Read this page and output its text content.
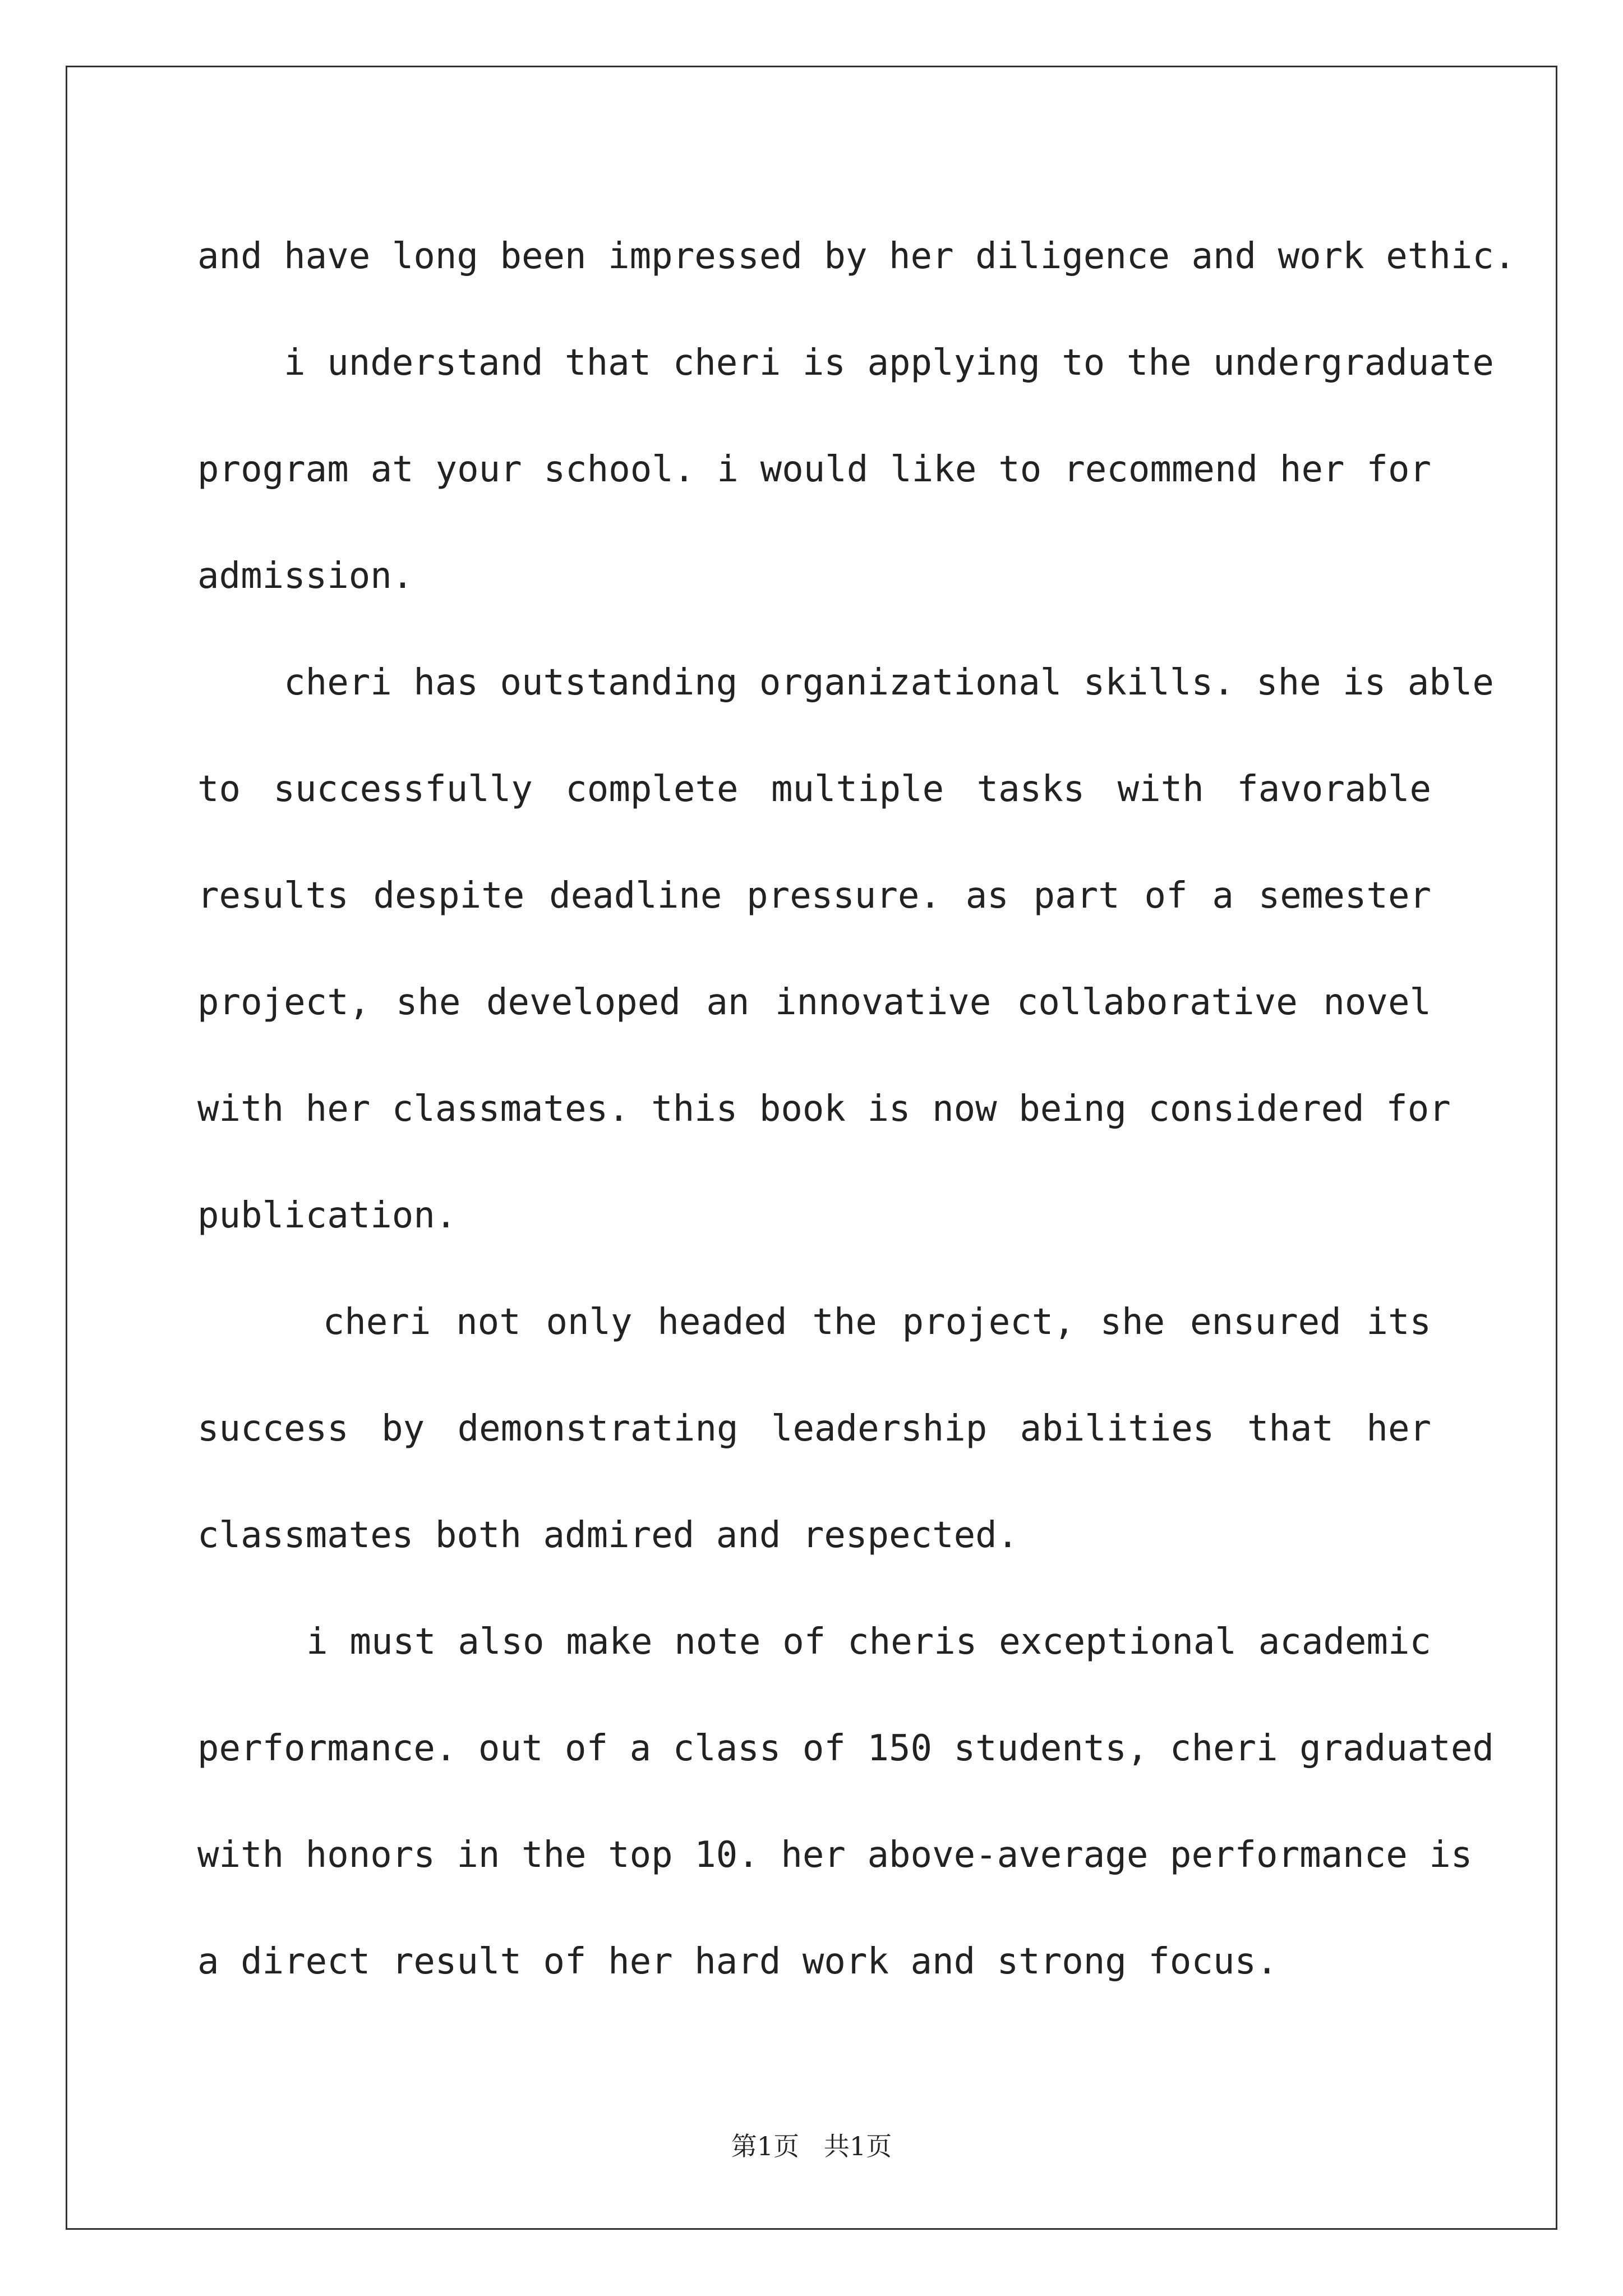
and have long been impressed by her diligence and work ethic.
i understand that cheri is applying to the undergraduate
program at your school. i would like to recommend her for
admission.
cheri has outstanding organizational skills. she is able
to successfully complete multiple tasks with favorable
results despite deadline pressure. as part of a semester
project, she developed an innovative collaborative novel
with her classmates. this book is now being considered for
publication.
cheri not only headed the project, she ensured its
success by demonstrating leadership abilities that her
classmates both admired and respected.
i must also make note of cheris exceptional academic
performance. out of a class of 150 students, cheri graduated
with honors in the top 10. her above-average performance is
a direct result of her hard work and strong focus.
第1页   共1页
